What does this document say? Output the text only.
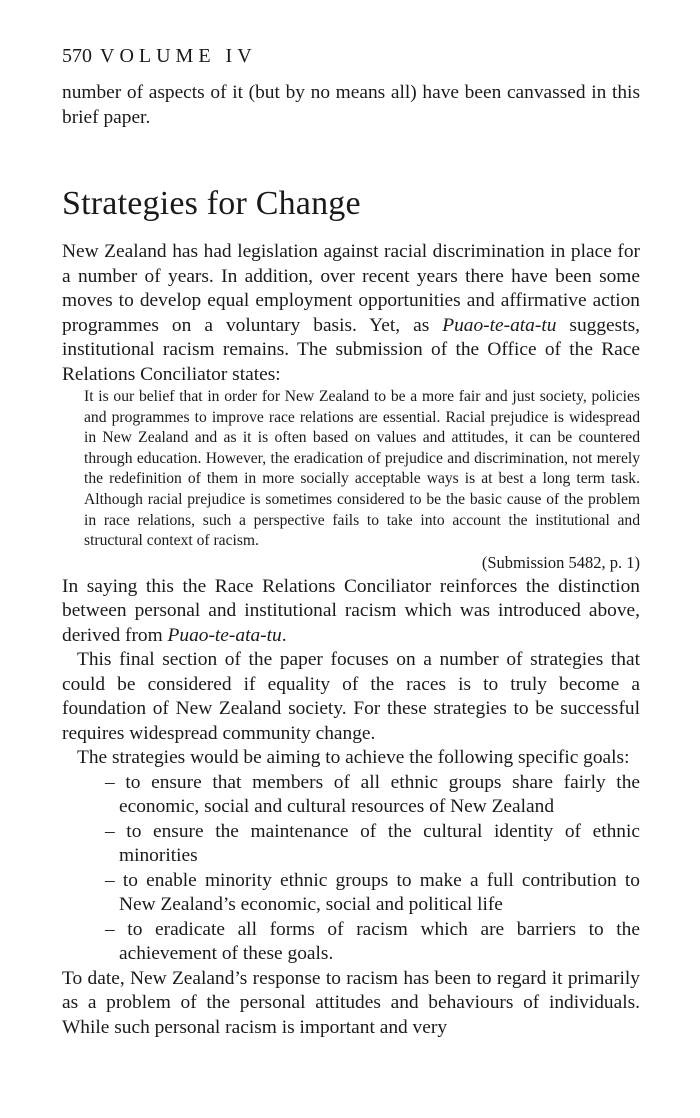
570 VOLUME IV

number of aspects of it (but by no means all) have been canvassed in this brief paper.

Strategies for Change

New Zealand has had legislation against racial discrimination in place for a number of years. In addition, over recent years there have been some moves to develop equal employment opportunities and affirmative action programmes on a voluntary basis. Yet, as Puao-te-ata-tu suggests, institutional racism remains. The submission of the Office of the Race Relations Conciliator states:

It is our belief that in order for New Zealand to be a more fair and just society, policies and programmes to improve race relations are essential. Racial prejudice is widespread in New Zealand and as it is often based on values and attitudes, it can be countered through education. However, the eradication of prejudice and discrimination, not merely the redefinition of them in more socially acceptable ways is at best a long term task. Although racial prejudice is sometimes considered to be the basic cause of the problem in race relations, such a perspective fails to take into account the institutional and structural context of racism.
(Submission 5482, p. 1)

In saying this the Race Relations Conciliator reinforces the distinction between personal and institutional racism which was introduced above, derived from Puao-te-ata-tu.

This final section of the paper focuses on a number of strategies that could be considered if equality of the races is to truly become a foundation of New Zealand society. For these strategies to be successful requires widespread community change.

The strategies would be aiming to achieve the following specific goals:

– to ensure that members of all ethnic groups share fairly the economic, social and cultural resources of New Zealand
– to ensure the maintenance of the cultural identity of ethnic minorities
– to enable minority ethnic groups to make a full contribution to New Zealand’s economic, social and political life
– to eradicate all forms of racism which are barriers to the achievement of these goals.

To date, New Zealand’s response to racism has been to regard it primarily as a problem of the personal attitudes and behaviours of individuals. While such personal racism is important and very
